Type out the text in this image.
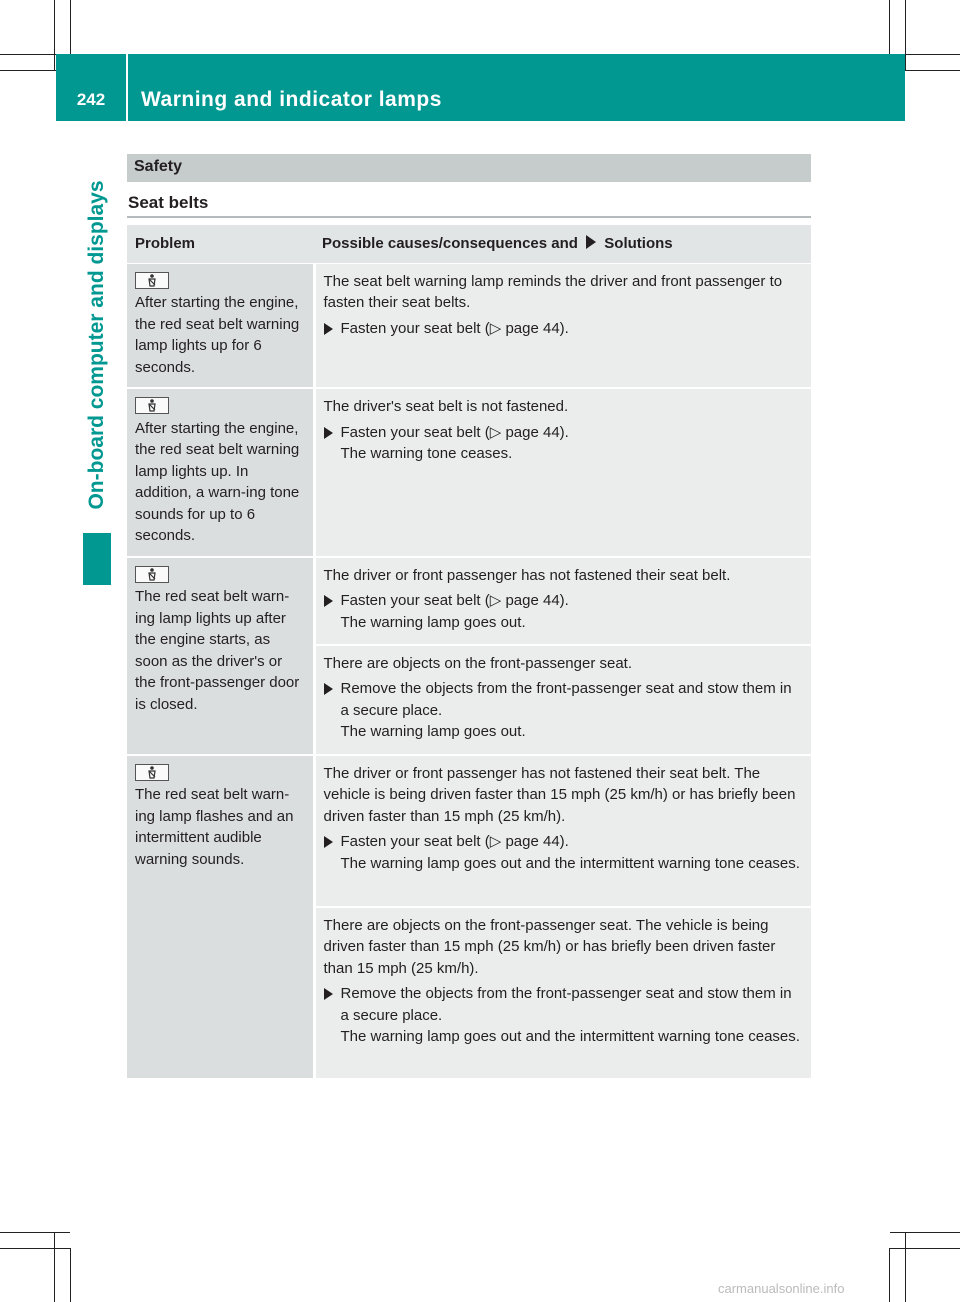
242	Warning and indicator lamps
On-board computer and displays
Safety
Seat belts
Problem	Possible causes/consequences and Solutions

After starting the engine, the red seat belt warning lamp lights up for 6 seconds.	The seat belt warning lamp reminds the driver and front passenger to fasten their seat belts.
Fasten your seat belt (▷ page 44).

After starting the engine, the red seat belt warning lamp lights up. In addition, a warn-ing tone sounds for up to 6 seconds.	The driver's seat belt is not fastened.
Fasten your seat belt (▷ page 44).
The warning tone ceases.

The red seat belt warn-ing lamp lights up after the engine starts, as soon as the driver's or the front-passenger door is closed.	The driver or front passenger has not fastened their seat belt.
Fasten your seat belt (▷ page 44).
The warning lamp goes out.

	There are objects on the front-passenger seat.
Remove the objects from the front-passenger seat and stow them in a secure place.
The warning lamp goes out.

The red seat belt warn-ing lamp flashes and an intermittent audible warning sounds.	The driver or front passenger has not fastened their seat belt. The vehicle is being driven faster than 15 mph (25 km/h) or has briefly been driven faster than 15 mph (25 km/h).
Fasten your seat belt (▷ page 44).
The warning lamp goes out and the intermittent warning tone ceases.

	There are objects on the front-passenger seat. The vehicle is being driven faster than 15 mph (25 km/h) or has briefly been driven faster than 15 mph (25 km/h).
Remove the objects from the front-passenger seat and stow them in a secure place.
The warning lamp goes out and the intermittent warning tone ceases.
carmanualsonline.info
